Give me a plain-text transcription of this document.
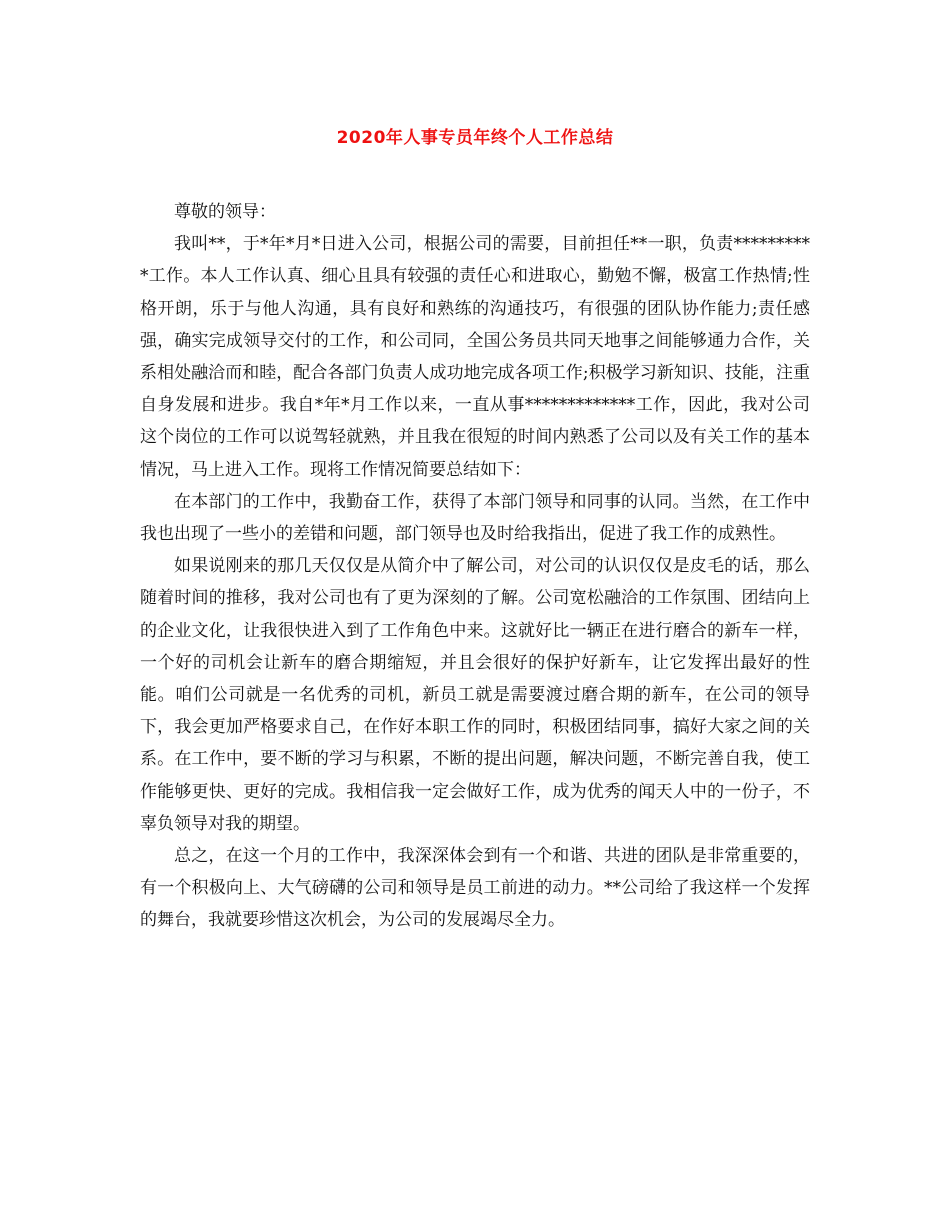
2020年人事专员年终个人工作总结

尊敬的领导：

我叫**，于*年*月*日进入公司，根据公司的需要，目前担任**一职，负责**********工作。本人工作认真、细心且具有较强的责任心和进取心，勤勉不懈，极富工作热情;性格开朗，乐于与他人沟通，具有良好和熟练的沟通技巧，有很强的团队协作能力;责任感强，确实完成领导交付的工作，和公司同，全国公务员共同天地事之间能够通力合作，关系相处融洽而和睦，配合各部门负责人成功地完成各项工作;积极学习新知识、技能，注重自身发展和进步。我自*年*月工作以来，一直从事*************工作，因此，我对公司这个岗位的工作可以说驾轻就熟，并且我在很短的时间内熟悉了公司以及有关工作的基本情况，马上进入工作。现将工作情况简要总结如下：

在本部门的工作中，我勤奋工作，获得了本部门领导和同事的认同。当然，在工作中我也出现了一些小的差错和问题，部门领导也及时给我指出，促进了我工作的成熟性。

如果说刚来的那几天仅仅是从简介中了解公司，对公司的认识仅仅是皮毛的话，那么随着时间的推移，我对公司也有了更为深刻的了解。公司宽松融洽的工作氛围、团结向上的企业文化，让我很快进入到了工作角色中来。这就好比一辆正在进行磨合的新车一样，一个好的司机会让新车的磨合期缩短，并且会很好的保护好新车，让它发挥出最好的性能。咱们公司就是一名优秀的司机，新员工就是需要渡过磨合期的新车，在公司的领导下，我会更加严格要求自己，在作好本职工作的同时，积极团结同事，搞好大家之间的关系。在工作中，要不断的学习与积累，不断的提出问题，解决问题，不断完善自我，使工作能够更快、更好的完成。我相信我一定会做好工作，成为优秀的闻天人中的一份子，不辜负领导对我的期望。

总之，在这一个月的工作中，我深深体会到有一个和谐、共进的团队是非常重要的，有一个积极向上、大气磅礴的公司和领导是员工前进的动力。**公司给了我这样一个发挥的舞台，我就要珍惜这次机会，为公司的发展竭尽全力。
